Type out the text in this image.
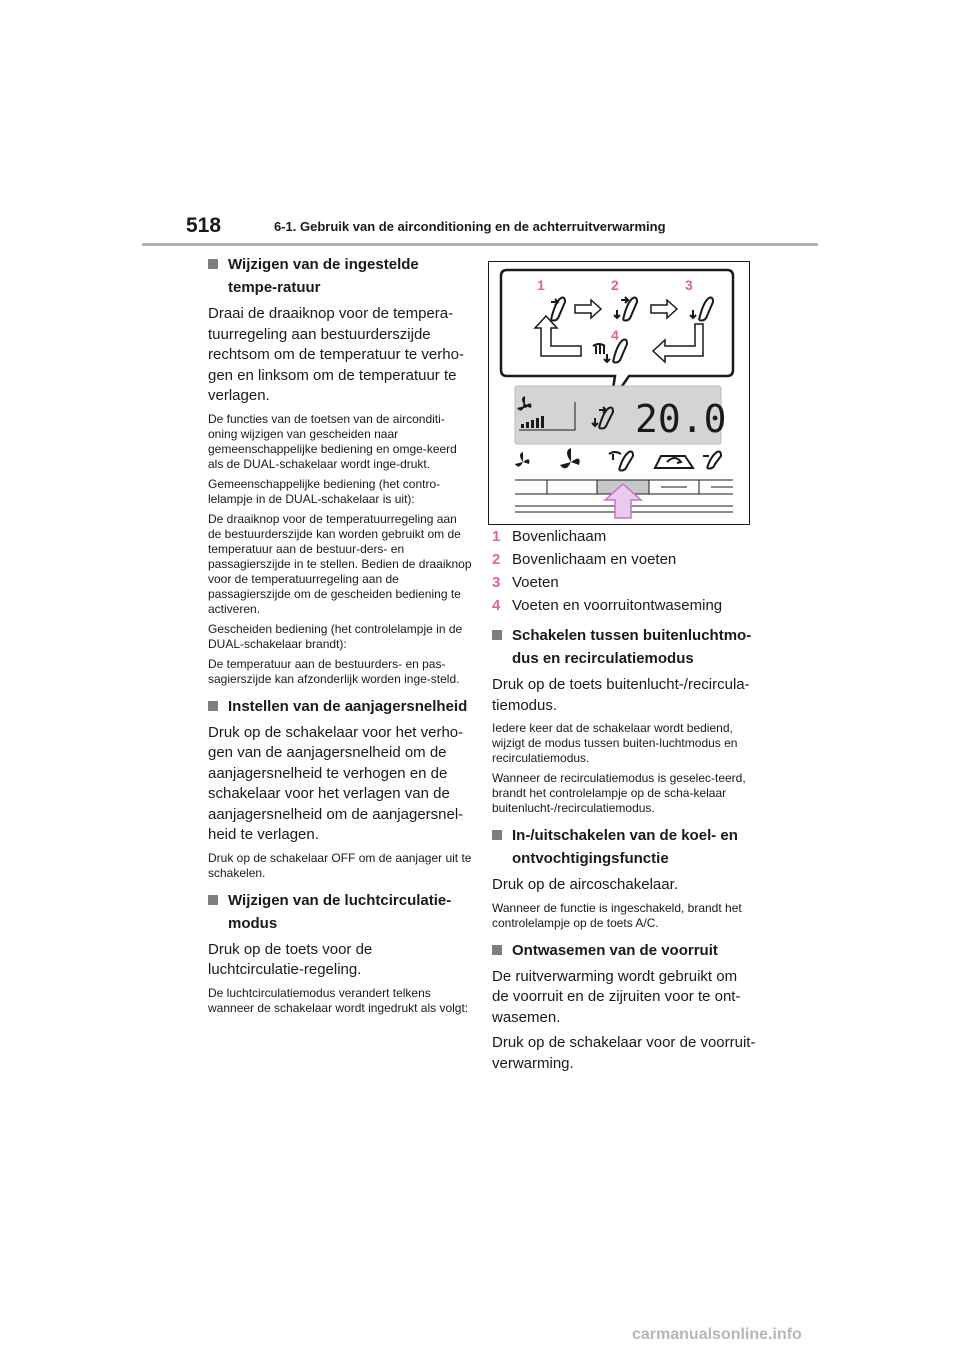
518	6-1. Gebruik van de airconditioning en de achterruitverwarming
Wijzigen van de ingestelde tempe-ratuur

Draai de draaiknop voor de tempera-tuurregeling aan bestuurderszijde rechtsom om de temperatuur te verho-gen en linksom om de temperatuur te verlagen.

De functies van de toetsen van de airconditi-oning wijzigen van gescheiden naar gemeenschappelijke bediening en omge-keerd als de DUAL-schakelaar wordt inge-drukt.

Gemeenschappelijke bediening (het contro-lelampje in de DUAL-schakelaar is uit):

De draaiknop voor de temperatuurregeling aan de bestuurderszijde kan worden gebruikt om de temperatuur aan de bestuur-ders- en passagierszijde in te stellen. Bedien de draaiknop voor de temperatuurregeling aan de passagierszijde om de gescheiden bediening te activeren.

Gescheiden bediening (het controlelampje in de DUAL-schakelaar brandt):

De temperatuur aan de bestuurders- en pas-sagierszijde kan afzonderlijk worden inge-steld.

Instellen van de aanjagersnelheid

Druk op de schakelaar voor het verho-gen van de aanjagersnelheid om de aanjagersnelheid te verhogen en de schakelaar voor het verlagen van de aanjagersnelheid om de aanjagersnel-heid te verlagen.

Druk op de schakelaar OFF om de aanjager uit te schakelen.

Wijzigen van de luchtcirculatie-modus

Druk op de toets voor de luchtcirculatie-regeling.

De luchtcirculatiemodus verandert telkens wanneer de schakelaar wordt ingedrukt als volgt:

1	2	3
4
20.0
1 Bovenlichaam
2 Bovenlichaam en voeten
3 Voeten
4 Voeten en voorruitontwaseming
Schakelen tussen buitenluchtmo-dus en recirculatiemodus

Druk op de toets buitenlucht-/recircula-tiemodus.

Iedere keer dat de schakelaar wordt bediend, wijzigt de modus tussen buiten-luchtmodus en recirculatiemodus.

Wanneer de recirculatiemodus is geselec-teerd, brandt het controlelampje op de scha-kelaar buitenlucht-/recirculatiemodus.

In-/uitschakelen van de koel- en ontvochtigingsfunctie

Druk op de aircoschakelaar.

Wanneer de functie is ingeschakeld, brandt het controlelampje op de toets A/C.

Ontwasemen van de voorruit

De ruitverwarming wordt gebruikt om de voorruit en de zijruiten voor te ont-wasemen.

Druk op de schakelaar voor de voorruit-verwarming.

carmanualsonline.info
